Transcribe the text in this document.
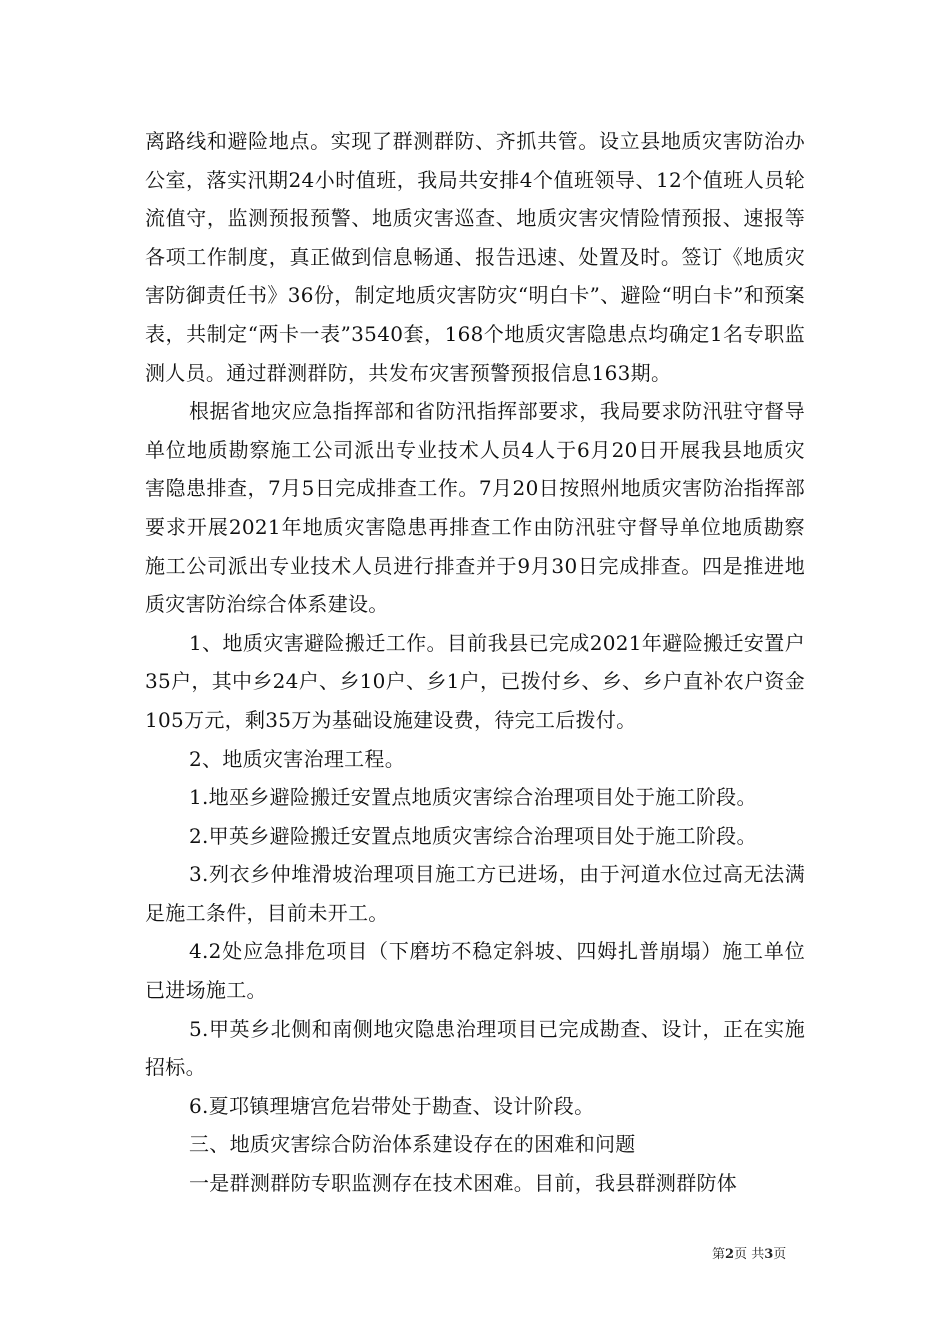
离路线和避险地点。实现了群测群防、齐抓共管。设立县地质灾害防治办公室，落实汛期24小时值班，我局共安排4个值班领导、12个值班人员轮流值守，监测预报预警、地质灾害巡查、地质灾害灾情险情预报、速报等各项工作制度，真正做到信息畅通、报告迅速、处置及时。签订《地质灾害防御责任书》36份，制定地质灾害防灾“明白卡”、避险“明白卡”和预案表，共制定“两卡一表”3540套，168个地质灾害隐患点均确定1名专职监测人员。通过群测群防，共发布灾害预警预报信息163期。

根据省地灾应急指挥部和省防汛指挥部要求，我局要求防汛驻守督导单位地质勘察施工公司派出专业技术人员4人于6月20日开展我县地质灾害隐患排查，7月5日完成排查工作。7月20日按照州地质灾害防治指挥部要求开展2021年地质灾害隐患再排查工作由防汛驻守督导单位地质勘察施工公司派出专业技术人员进行排查并于9月30日完成排查。四是推进地质灾害防治综合体系建设。

1、地质灾害避险搬迁工作。目前我县已完成2021年避险搬迁安置户35户，其中乡24户、乡10户、乡1户，已拨付乡、乡、乡户直补农户资金105万元，剩35万为基础设施建设费，待完工后拨付。

2、地质灾害治理工程。

1.地巫乡避险搬迁安置点地质灾害综合治理项目处于施工阶段。

2.甲英乡避险搬迁安置点地质灾害综合治理项目处于施工阶段。

3.列衣乡仲堆滑坡治理项目施工方已进场，由于河道水位过高无法满足施工条件，目前未开工。

4.2处应急排危项目（下磨坊不稳定斜坡、四姆扎普崩塌）施工单位已进场施工。

5.甲英乡北侧和南侧地灾隐患治理项目已完成勘查、设计，正在实施招标。

6.夏邛镇理塘宫危岩带处于勘查、设计阶段。

三、地质灾害综合防治体系建设存在的困难和问题

一是群测群防专职监测存在技术困难。目前，我县群测群防体

第2页 共3页
